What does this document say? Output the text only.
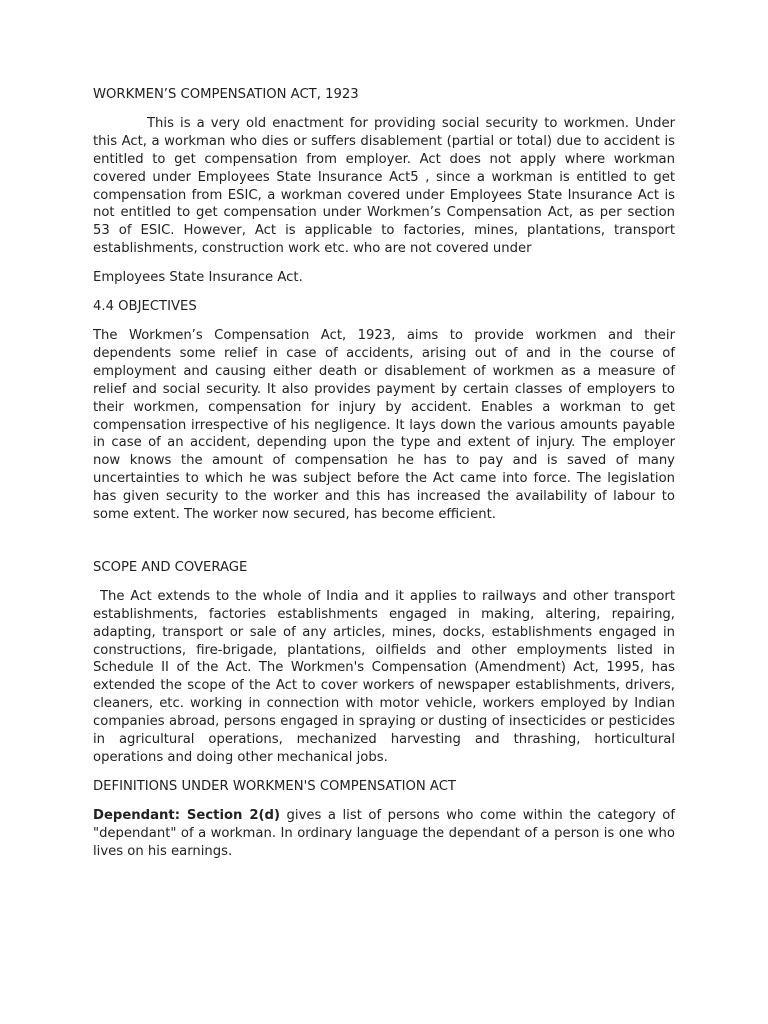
WORKMEN’S COMPENSATION ACT, 1923

This is a very old enactment for providing social security to workmen. Under this Act, a workman who dies or suffers disablement (partial or total) due to accident is entitled to get compensation from employer. Act does not apply where workman covered under Employees State Insurance Act5 , since a workman is entitled to get compensation from ESIC, a workman covered under Employees State Insurance Act is not entitled to get compensation under Workmen’s Compensation Act, as per section 53 of ESIC. However, Act is applicable to factories, mines, plantations, transport establishments, construction work etc. who are not covered under

Employees State Insurance Act.

4.4 OBJECTIVES

The Workmen’s Compensation Act, 1923, aims to provide workmen and their dependents some relief in case of accidents, arising out of and in the course of employment and causing either death or disablement of workmen as a measure of relief and social security. It also provides payment by certain classes of employers to their workmen, compensation for injury by accident. Enables a workman to get compensation irrespective of his negligence. It lays down the various amounts payable in case of an accident, depending upon the type and extent of injury. The employer now knows the amount of compensation he has to pay and is saved of many uncertainties to which he was subject before the Act came into force. The legislation has given security to the worker and this has increased the availability of labour to some extent. The worker now secured, has become efficient.

SCOPE AND COVERAGE

The Act extends to the whole of India and it applies to railways and other transport establishments, factories establishments engaged in making, altering, repairing, adapting, transport or sale of any articles, mines, docks, establishments engaged in constructions, fire-brigade, plantations, oilfields and other employments listed in Schedule II of the Act. The Workmen's Compensation (Amendment) Act, 1995, has extended the scope of the Act to cover workers of newspaper establishments, drivers, cleaners, etc. working in connection with motor vehicle, workers employed by Indian companies abroad, persons engaged in spraying or dusting of insecticides or pesticides in agricultural operations, mechanized harvesting and thrashing, horticultural operations and doing other mechanical jobs.

DEFINITIONS UNDER WORKMEN'S COMPENSATION ACT

Dependant: Section 2(d) gives a list of persons who come within the category of "dependant" of a workman. In ordinary language the dependant of a person is one who lives on his earnings.
